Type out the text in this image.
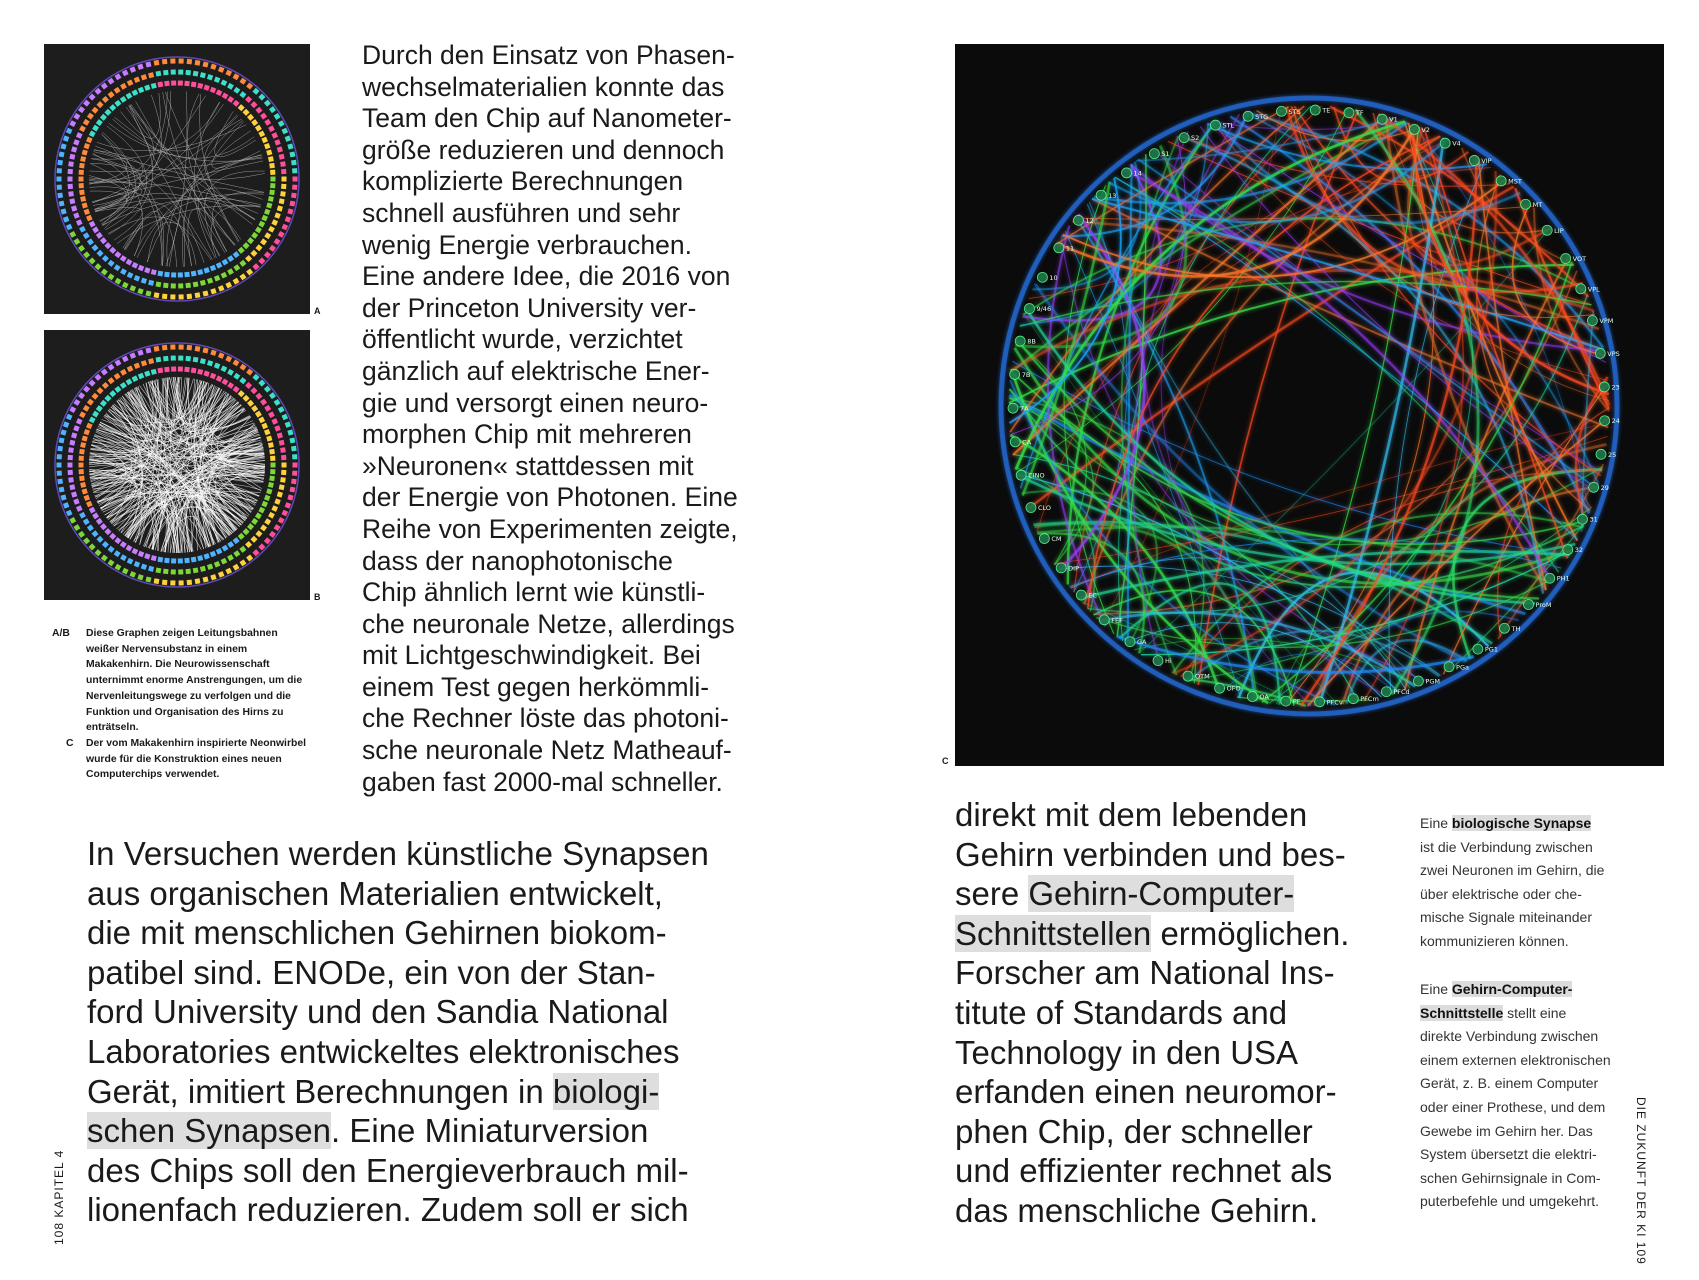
A
B
S1
S2
STL
STG
STS	TE	TF
V1
V2
V4
VIP
MST
MT
LIP
VOT
VPL
VPM
VPS
23
24
25
29
31
32
PH1
ProM
TH
PG1
PGa
PGM
PFCd
PFCm
PFCv
PF
OA
OFO
OTM
Hi
GA
FEF
EC
DIP
CM
CLO
CINO
CA
7A
7B
8B
9/46
10
11
12
13
14
C
A/B	Diese Graphen zeigen Leitungsbahnen weißer Nervensubstanz in einem Makakenhirn. Die Neurowissenschaft unternimmt enorme Anstrengungen, um die Nervenleitungswege zu verfolgen und die Funktion und Organisation des Hirns zu enträtseln.
C	Der vom Makakenhirn inspirierte Neonwirbel wurde für die Konstruktion eines neuen Computerchips verwendet.

Durch den Einsatz von Phasen-

wechselmaterialien konnte das

Team den Chip auf Nanometer-

größe reduzieren und dennoch

komplizierte Berechnungen

schnell ausführen und sehr

wenig Energie verbrauchen.

Eine andere Idee, die 2016 von

der Princeton University ver-

öffentlicht wurde, verzichtet

gänzlich auf elektrische Ener-

gie und versorgt einen neuro-

morphen Chip mit mehreren

»Neuronen« stattdessen mit

der Energie von Photonen. Eine

Reihe von Experimenten zeigte,

dass der nanophotonische

Chip ähnlich lernt wie künstli-

che neuronale Netze, allerdings

mit Lichtgeschwindigkeit. Bei

einem Test gegen herkömmli-

che Rechner löste das photoni-

sche neuronale Netz Matheauf-

gaben fast 2000-mal schneller.

In Versuchen werden künstliche Synapsen

aus organischen Materialien entwickelt,

die mit menschlichen Gehirnen biokom-

patibel sind. ENODe, ein von der Stan-

ford University und den Sandia National

Laboratories entwickeltes elektronisches

Gerät, imitiert Berechnungen in biologi-

schen Synapsen. Eine Miniaturversion

des Chips soll den Energieverbrauch mil-

lionenfach reduzieren. Zudem soll er sich

direkt mit dem lebenden

Gehirn verbinden und bes-

sere Gehirn-Computer-

Schnittstellen ermöglichen.

Forscher am National Ins-

titute of Standards and

Technology in den USA

erfanden einen neuromor-

phen Chip, der schneller

und effizienter rechnet als

das menschliche Gehirn.

Eine biologische Synapse
ist die Verbindung zwischen
zwei Neuronen im Gehirn, die
über elektrische oder che-
mische Signale miteinander
kommunizieren können.
Eine Gehirn-Computer-
Schnittstelle stellt eine
direkte Verbindung zwischen
einem externen elektronischen
Gerät, z. B. einem Computer
oder einer Prothese, und dem
Gewebe im Gehirn her. Das
System übersetzt die elektri-
schen Gehirnsignale in Com-
puterbefehle und umgekehrt.
108 KAPITEL 4	DIE ZUKUNFT DER KI 109
